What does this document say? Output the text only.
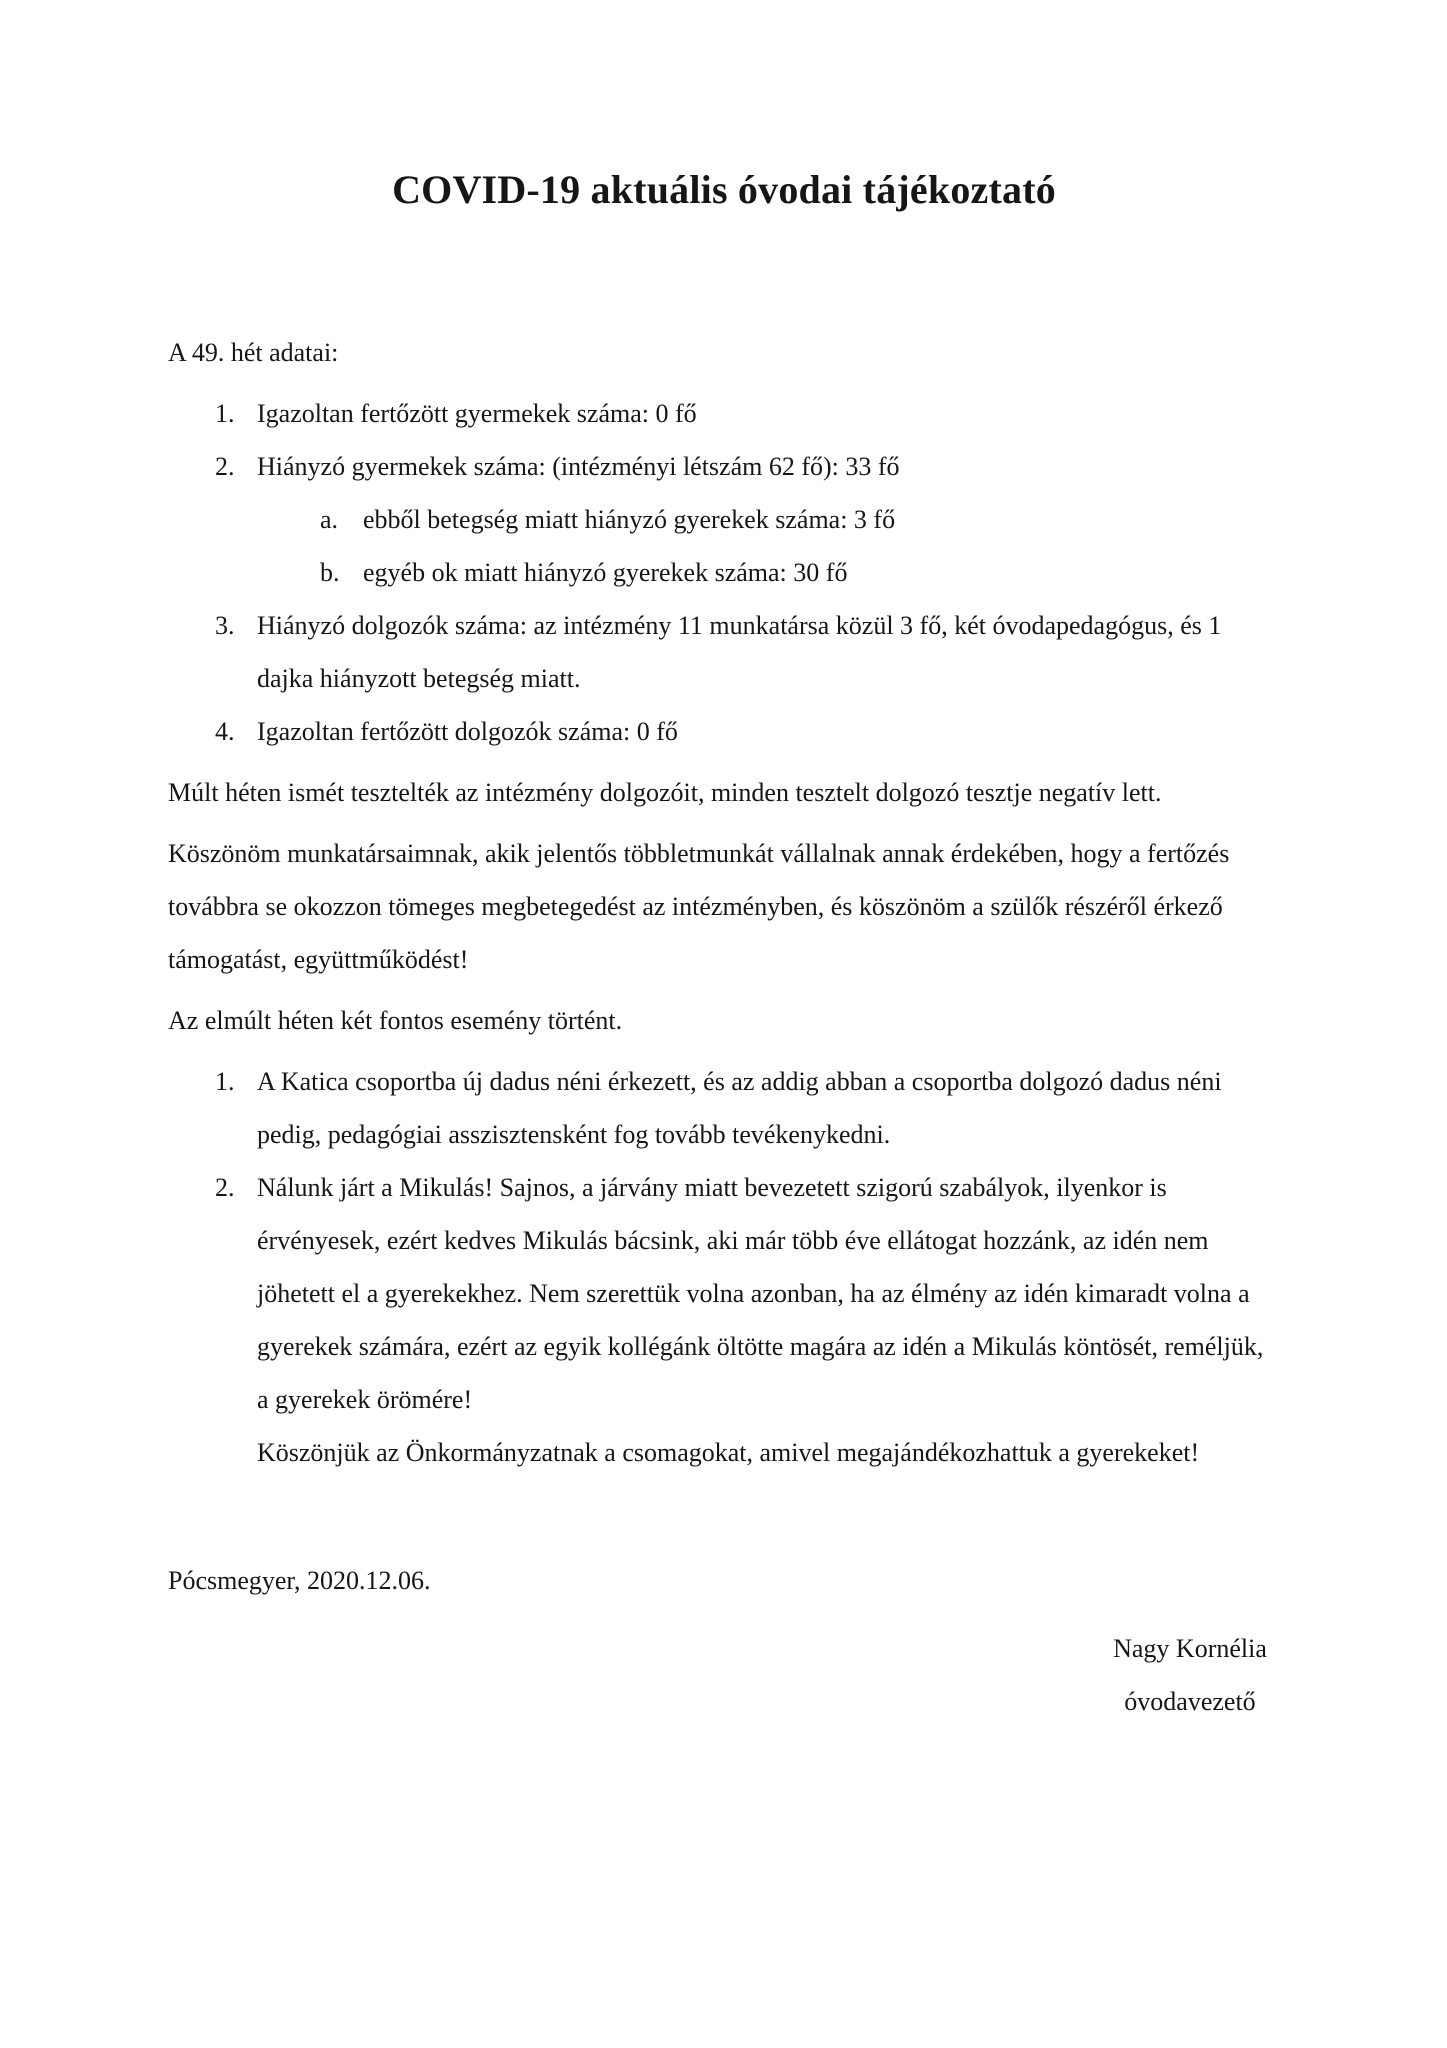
COVID-19 aktuális óvodai tájékoztató

A 49. hét adatai:

1. Igazoltan fertőzött gyermekek száma: 0 fő
2. Hiányzó gyermekek száma: (intézményi létszám 62 fő): 33 fő
a. ebből betegség miatt hiányzó gyerekek száma: 3 fő
b. egyéb ok miatt hiányzó gyerekek száma: 30 fő
3. Hiányzó dolgozók száma: az intézmény 11 munkatársa közül 3 fő, két óvodapedagógus, és 1 dajka hiányzott betegség miatt.
4. Igazoltan fertőzött dolgozók száma: 0 fő

Múlt héten ismét tesztelték az intézmény dolgozóit, minden tesztelt dolgozó tesztje negatív lett.

Köszönöm munkatársaimnak, akik jelentős többletmunkát vállalnak annak érdekében, hogy a fertőzés továbbra se okozzon tömeges megbetegedést az intézményben, és köszönöm a szülők részéről érkező támogatást, együttműködést!

Az elmúlt héten két fontos esemény történt.

1. A Katica csoportba új dadus néni érkezett, és az addig abban a csoportba dolgozó dadus néni pedig, pedagógiai asszisztensként fog tovább tevékenykedni.
2. Nálunk járt a Mikulás! Sajnos, a járvány miatt bevezetett szigorú szabályok, ilyenkor is érvényesek, ezért kedves Mikulás bácsink, aki már több éve ellátogat hozzánk, az idén nem jöhetett el a gyerekekhez. Nem szerettük volna azonban, ha az élmény az idén kimaradt volna a gyerekek számára, ezért az egyik kollégánk öltötte magára az idén a Mikulás köntösét, reméljük, a gyerekek örömére!
Köszönjük az Önkormányzatnak a csomagokat, amivel megajándékozhattuk a gyerekeket!

Pócsmegyer, 2020.12.06.

Nagy Kornélia
óvodavezető
